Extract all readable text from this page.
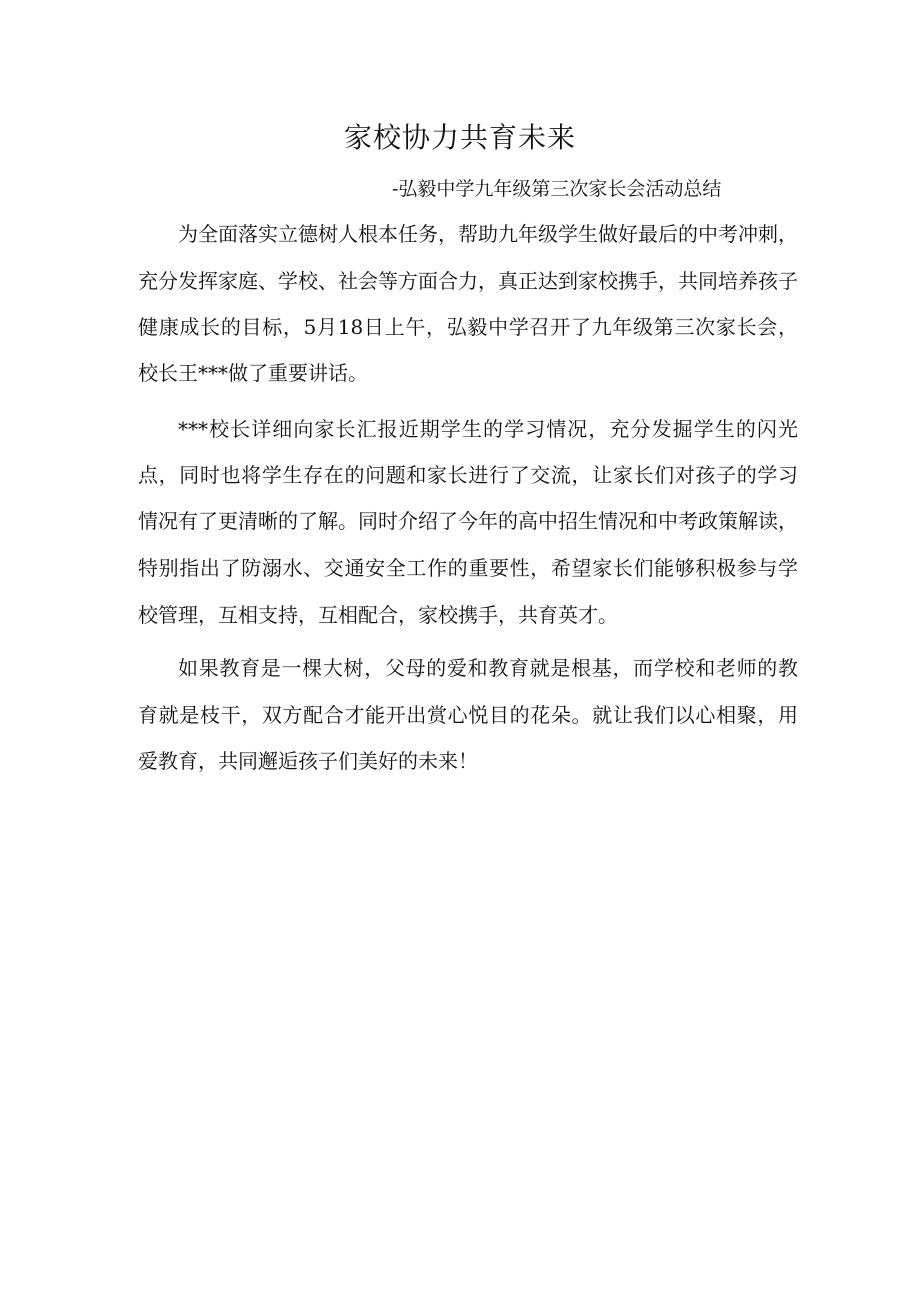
家校协力共育未来
-弘毅中学九年级第三次家长会活动总结
为全面落实立德树人根本任务，帮助九年级学生做好最后的中考冲刺，
充分发挥家庭、学校、社会等方面合力，真正达到家校携手，共同培养孩子
健康成长的目标，5月18日上午，弘毅中学召开了九年级第三次家长会，
校长王***做了重要讲话。
***校长详细向家长汇报近期学生的学习情况，充分发掘学生的闪光
点，同时也将学生存在的问题和家长进行了交流，让家长们对孩子的学习
情况有了更清晰的了解。同时介绍了今年的高中招生情况和中考政策解读，
特别指出了防溺水、交通安全工作的重要性，希望家长们能够积极参与学
校管理，互相支持，互相配合，家校携手，共育英才。
如果教育是一棵大树，父母的爱和教育就是根基，而学校和老师的教
育就是枝干，双方配合才能开出赏心悦目的花朵。就让我们以心相聚，用
爱教育，共同邂逅孩子们美好的未来！
